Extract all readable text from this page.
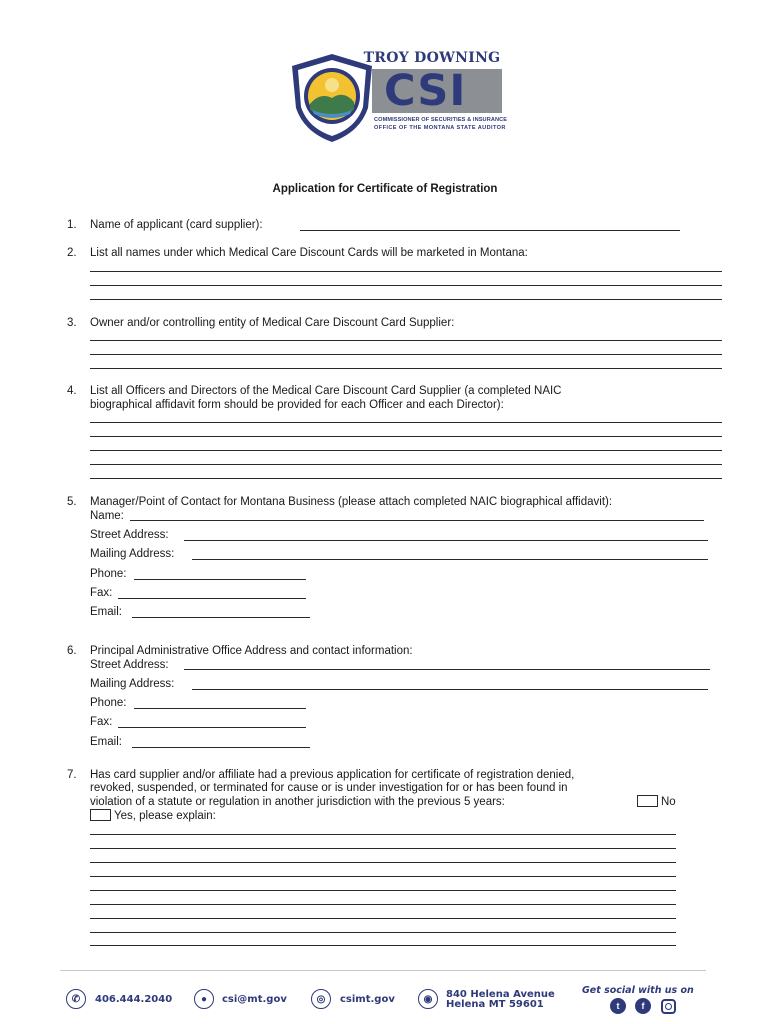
TROY DOWNING
CSI
COMMISSIONER OF SECURITIES & INSURANCE
OFFICE OF THE MONTANA STATE AUDITOR
Application for Certificate of Registration
1. Name of applicant (card supplier):
2. List all names under which Medical Care Discount Cards will be marketed in Montana:
3. Owner and/or controlling entity of Medical Care Discount Card Supplier:
4. List all Officers and Directors of the Medical Care Discount Card Supplier (a completed NAIC
biographical affidavit form should be provided for each Officer and each Director):
5. Manager/Point of Contact for Montana Business (please attach completed NAIC biographical affidavit):
Name:
Street Address:
Mailing Address:
Phone:
Fax:
Email:
6. Principal Administrative Office Address and contact information:
Street Address:
Mailing Address:
Phone:
Fax:
Email:
7. Has card supplier and/or affiliate had a previous application for certificate of registration denied,
revoked, suspended, or terminated for cause or is under investigation for or has been found in
violation of a statute or regulation in another jurisdiction with the previous 5 years:	No
Yes, please explain:
✆	406.444.2040	●	csi@mt.gov	◎	csimt.gov	◉	840 Helena Avenue
Helena MT 59601
Get social with us on
t	f
